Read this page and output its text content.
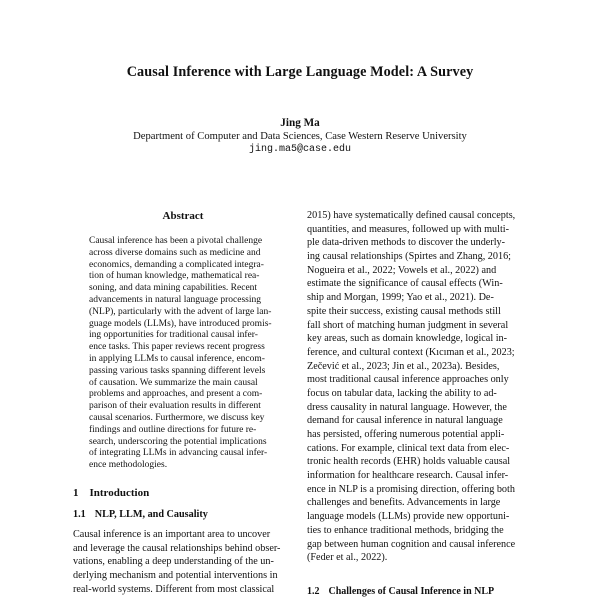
Causal Inference with Large Language Model: A Survey
Jing Ma
Department of Computer and Data Sciences, Case Western Reserve University
jing.ma5@case.edu
Abstract
Causal inference has been a pivotal challenge
across diverse domains such as medicine and
economics, demanding a complicated integra-
tion of human knowledge, mathematical rea-
soning, and data mining capabilities. Recent
advancements in natural language processing
(NLP), particularly with the advent of large lan-
guage models (LLMs), have introduced promis-
ing opportunities for traditional causal infer-
ence tasks. This paper reviews recent progress
in applying LLMs to causal inference, encom-
passing various tasks spanning different levels
of causation. We summarize the main causal
problems and approaches, and present a com-
parison of their evaluation results in different
causal scenarios. Furthermore, we discuss key
findings and outline directions for future re-
search, underscoring the potential implications
of integrating LLMs in advancing causal infer-
ence methodologies.
1 Introduction
1.1 NLP, LLM, and Causality
Causal inference is an important area to uncover
and leverage the causal relationships behind obser-
vations, enabling a deep understanding of the un-
derlying mechanism and potential interventions in
real-world systems. Different from most classical
2015) have systematically defined causal concepts,
quantities, and measures, followed up with multi-
ple data-driven methods to discover the underly-
ing causal relationships (Spirtes and Zhang, 2016;
Nogueira et al., 2022; Vowels et al., 2022) and
estimate the significance of causal effects (Win-
ship and Morgan, 1999; Yao et al., 2021). De-
spite their success, existing causal methods still
fall short of matching human judgment in several
key areas, such as domain knowledge, logical in-
ference, and cultural context (Kıcıman et al., 2023;
Zečević et al., 2023; Jin et al., 2023a). Besides,
most traditional causal inference approaches only
focus on tabular data, lacking the ability to ad-
dress causality in natural language. However, the
demand for causal inference in natural language
has persisted, offering numerous potential appli-
cations. For example, clinical text data from elec-
tronic health records (EHR) holds valuable causal
information for healthcare research. Causal infer-
ence in NLP is a promising direction, offering both
challenges and benefits. Advancements in large
language models (LLMs) provide new opportuni-
ties to enhance traditional methods, bridging the
gap between human cognition and causal inference
(Feder et al., 2022).
1.2 Challenges of Causal Inference in NLP
